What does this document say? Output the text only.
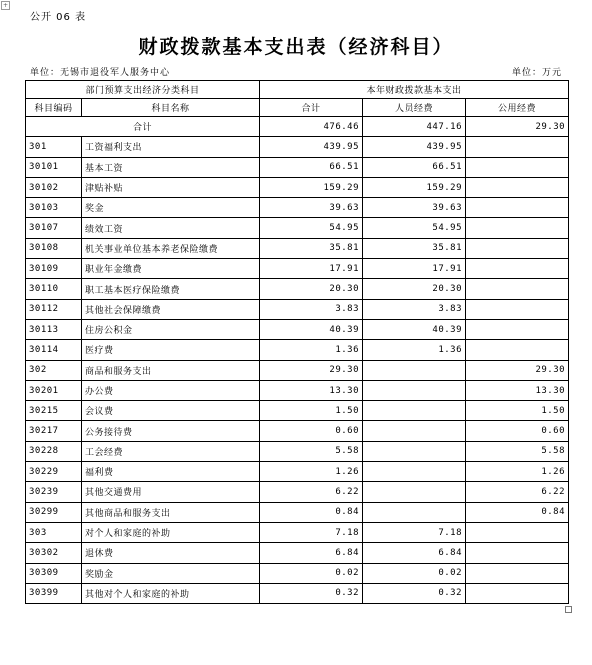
+
公开 06 表
财政拨款基本支出表（经济科目）
单位：无锡市退役军人服务中心	单位：万元
部门预算支出经济分类科目		本年财政拨款基本支出		
科目编码	科目名称	合计	人员经费	公用经费
合计		476.46	447.16	29.30
301	工资福利支出	439.95	439.95	
30101	基本工资	66.51	66.51	
30102	津贴补贴	159.29	159.29	
30103	奖金	39.63	39.63	
30107	绩效工资	54.95	54.95	
30108	机关事业单位基本养老保险缴费	35.81	35.81	
30109	职业年金缴费	17.91	17.91	
30110	职工基本医疗保险缴费	20.30	20.30	
30112	其他社会保障缴费	3.83	3.83	
30113	住房公积金	40.39	40.39	
30114	医疗费	1.36	1.36	
302	商品和服务支出	29.30		29.30
30201	办公费	13.30		13.30
30215	会议费	1.50		1.50
30217	公务接待费	0.60		0.60
30228	工会经费	5.58		5.58
30229	福利费	1.26		1.26
30239	其他交通费用	6.22		6.22
30299	其他商品和服务支出	0.84		0.84
303	对个人和家庭的补助	7.18	7.18	
30302	退休费	6.84	6.84	
30309	奖励金	0.02	0.02	
30399	其他对个人和家庭的补助	0.32	0.32	
